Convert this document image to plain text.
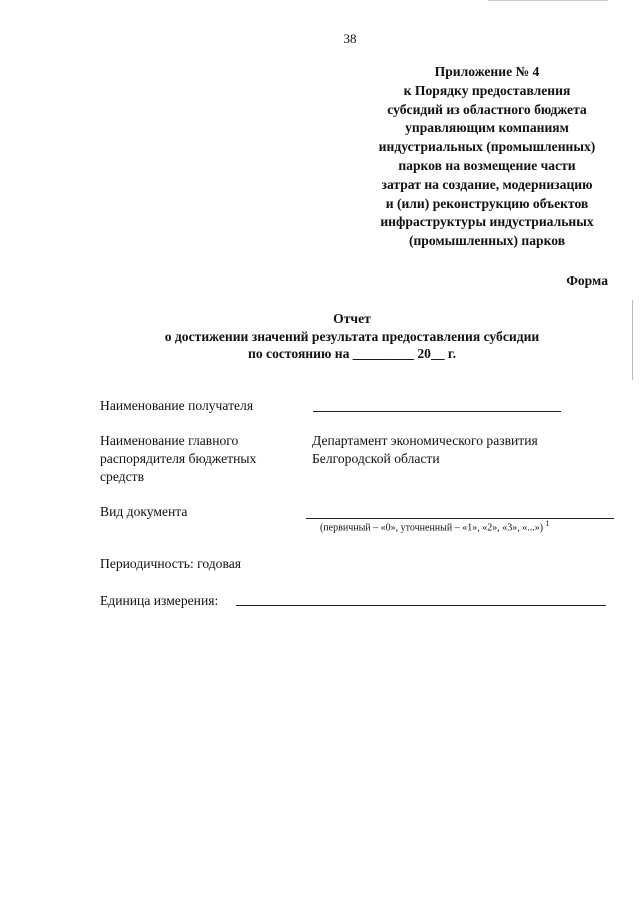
38
Приложение № 4
к Порядку предоставления
субсидий из областного бюджета
управляющим компаниям
индустриальных (промышленных)
парков на возмещение части
затрат на создание, модернизацию
и (или) реконструкцию объектов
инфраструктуры индустриальных
(промышленных) парков
Форма
Отчет
о достижении значений результата предоставления субсидии
по состоянию на _________ 20__ г.
Наименование получателя
Наименование главного
распорядителя бюджетных
средств
Департамент экономического развития
Белгородской области
Вид документа
(первичный – «0», уточненный – «1», «2», «3», «...») $^1$
Периодичность: годовая
Единица измерения:
